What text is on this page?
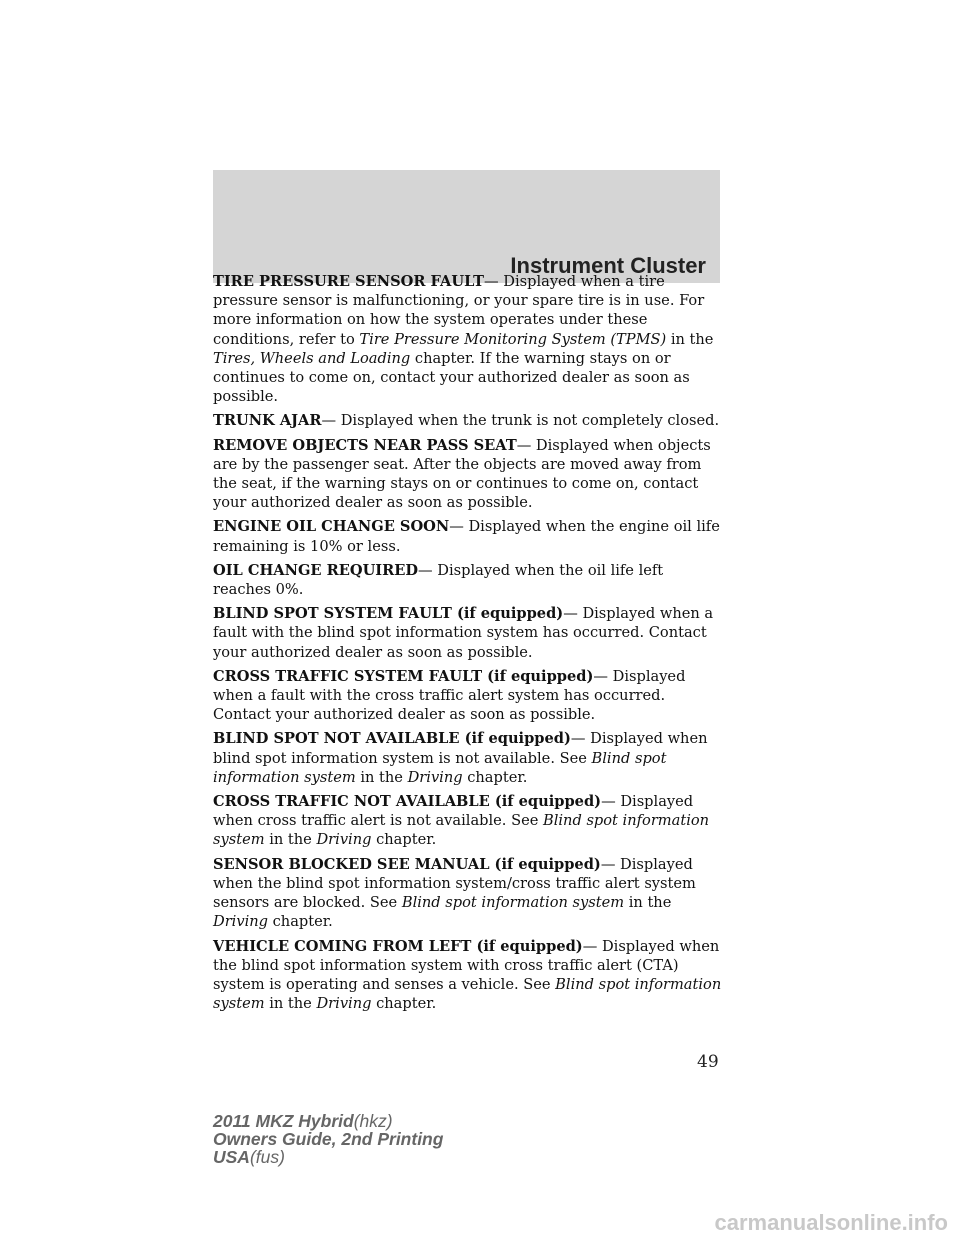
Instrument Cluster

TIRE PRESSURE SENSOR FAULT— Displayed when a tire pressure sensor is malfunctioning, or your spare tire is in use. For more information on how the system operates under these conditions, refer to Tire Pressure Monitoring System (TPMS) in the Tires, Wheels and Loading chapter. If the warning stays on or continues to come on, contact your authorized dealer as soon as possible.

TRUNK AJAR— Displayed when the trunk is not completely closed.

REMOVE OBJECTS NEAR PASS SEAT— Displayed when objects are by the passenger seat. After the objects are moved away from the seat, if the warning stays on or continues to come on, contact your authorized dealer as soon as possible.

ENGINE OIL CHANGE SOON— Displayed when the engine oil life remaining is 10% or less.

OIL CHANGE REQUIRED— Displayed when the oil life left reaches 0%.

BLIND SPOT SYSTEM FAULT (if equipped)— Displayed when a fault with the blind spot information system has occurred. Contact your authorized dealer as soon as possible.

CROSS TRAFFIC SYSTEM FAULT (if equipped)— Displayed when a fault with the cross traffic alert system has occurred. Contact your authorized dealer as soon as possible.

BLIND SPOT NOT AVAILABLE (if equipped)— Displayed when blind spot information system is not available. See Blind spot information system in the Driving chapter.

CROSS TRAFFIC NOT AVAILABLE (if equipped)— Displayed when cross traffic alert is not available. See Blind spot information system in the Driving chapter.

SENSOR BLOCKED SEE MANUAL (if equipped)— Displayed when the blind spot information system/cross traffic alert system sensors are blocked. See Blind spot information system in the Driving chapter.

VEHICLE COMING FROM LEFT (if equipped)— Displayed when the blind spot information system with cross traffic alert (CTA) system is operating and senses a vehicle. See Blind spot information system in the Driving chapter.

49
2011 MKZ Hybrid(hkz)
Owners Guide, 2nd Printing
USA(fus)
carmanualsonline.info
